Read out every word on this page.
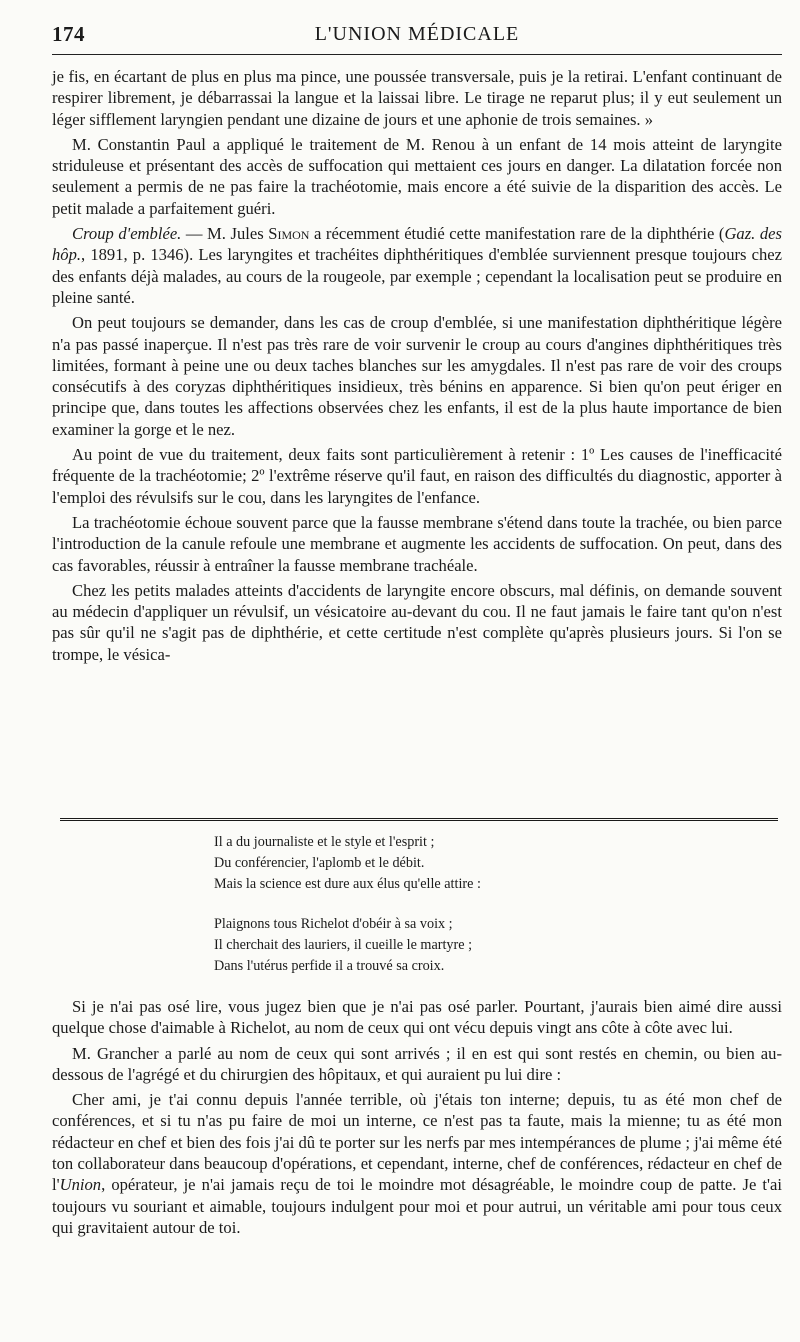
174	L'UNION MÉDICALE

je fis, en écartant de plus en plus ma pince, une poussée transversale, puis je la retirai. L'enfant continuant de respirer librement, je débarrassai la langue et la laissai libre. Le tirage ne reparut plus; il y eut seulement un léger sifflement laryngien pendant une dizaine de jours et une aphonie de trois semaines. »

M. Constantin Paul a appliqué le traitement de M. Renou à un enfant de 14 mois atteint de laryngite striduleuse et présentant des accès de suffocation qui mettaient ces jours en danger. La dilatation forcée non seulement a permis de ne pas faire la trachéotomie, mais encore a été suivie de la disparition des accès. Le petit malade a parfaitement guéri.

Croup d'emblée. — M. Jules Simon a récemment étudié cette manifestation rare de la diphthérie (Gaz. des hôp., 1891, p. 1346). Les laryngites et trachéites diphthéritiques d'emblée surviennent presque toujours chez des enfants déjà malades, au cours de la rougeole, par exemple ; cependant la localisation peut se produire en pleine santé.

On peut toujours se demander, dans les cas de croup d'emblée, si une manifestation diphthéritique légère n'a pas passé inaperçue. Il n'est pas très rare de voir survenir le croup au cours d'angines diphthéritiques très limitées, formant à peine une ou deux taches blanches sur les amygdales. Il n'est pas rare de voir des croups consécutifs à des coryzas diphthéritiques insidieux, très bénins en apparence. Si bien qu'on peut ériger en principe que, dans toutes les affections observées chez les enfants, il est de la plus haute importance de bien examiner la gorge et le nez.

Au point de vue du traitement, deux faits sont particulièrement à retenir : 1º Les causes de l'inefficacité fréquente de la trachéotomie; 2º l'extrême réserve qu'il faut, en raison des difficultés du diagnostic, apporter à l'emploi des révulsifs sur le cou, dans les laryngites de l'enfance.

La trachéotomie échoue souvent parce que la fausse membrane s'étend dans toute la trachée, ou bien parce l'introduction de la canule refoule une membrane et augmente les accidents de suffocation. On peut, dans des cas favorables, réussir à entraîner la fausse membrane trachéale.

Chez les petits malades atteints d'accidents de laryngite encore obscurs, mal définis, on demande souvent au médecin d'appliquer un révulsif, un vésicatoire au-devant du cou. Il ne faut jamais le faire tant qu'on n'est pas sûr qu'il ne s'agit pas de diphthérie, et cette certitude n'est complète qu'après plusieurs jours. Si l'on se trompe, le vésica-

Il a du journaliste et le style et l'esprit ;
Du conférencier, l'aplomb et le débit.
Mais la science est dure aux élus qu'elle attire :
Plaignons tous Richelot d'obéir à sa voix ;
Il cherchait des lauriers, il cueille le martyre ;
Dans l'utérus perfide il a trouvé sa croix.

Si je n'ai pas osé lire, vous jugez bien que je n'ai pas osé parler. Pourtant, j'aurais bien aimé dire aussi quelque chose d'aimable à Richelot, au nom de ceux qui ont vécu depuis vingt ans côte à côte avec lui.

M. Grancher a parlé au nom de ceux qui sont arrivés ; il en est qui sont restés en chemin, ou bien au-dessous de l'agrégé et du chirurgien des hôpitaux, et qui auraient pu lui dire :

Cher ami, je t'ai connu depuis l'année terrible, où j'étais ton interne; depuis, tu as été mon chef de conférences, et si tu n'as pu faire de moi un interne, ce n'est pas ta faute, mais la mienne; tu as été mon rédacteur en chef et bien des fois j'ai dû te porter sur les nerfs par mes intempérances de plume ; j'ai même été ton collaborateur dans beaucoup d'opérations, et cependant, interne, chef de conférences, rédacteur en chef de l'Union, opérateur, je n'ai jamais reçu de toi le moindre mot désagréable, le moindre coup de patte. Je t'ai toujours vu souriant et aimable, toujours indulgent pour moi et pour autrui, un véritable ami pour tous ceux qui gravitaient autour de toi.
